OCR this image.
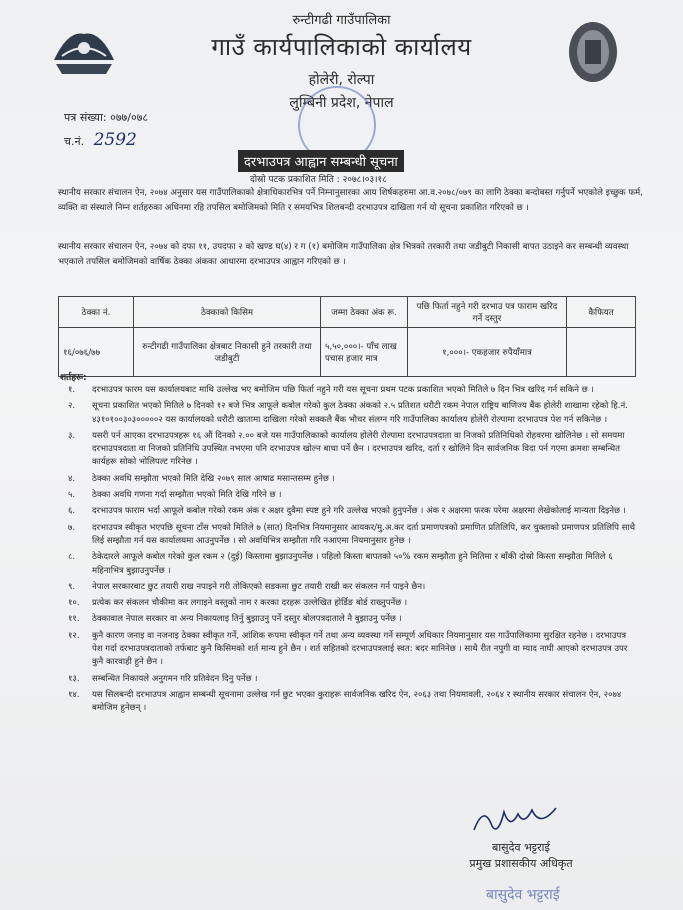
रुन्टीगढी गाउँपालिका
गाउँ कार्यपालिकाको कार्यालय
होलेरी, रोल्पा
लुम्बिनी प्रदेश, नेपाल
पत्र संख्या: ०७७/०७८
च.नं. 2592
दरभाउपत्र आह्वान सम्बन्धी सूचना
दोस्रो पटक प्रकाशित मिति : २०७८।०३।१८
स्थानीय सरकार संचालन ऐन, २०७४ अनुसार यस गाउँपालिकाको क्षेत्राधिकारभित्र पर्ने निम्नानुसारका आय शिर्षकहरुमा आ.व.२०७८/०७९ का लागि ठेक्का बन्दोबस्त गर्नुपर्ने भएकोले इच्छुक फर्म, व्यक्ति वा संस्थाले निम्न शर्तहरुका अधिनमा रहि तपसिल बमोजिमको मिति र समयभित्र शिलबन्दी दरभाउपत्र दाखिला गर्न यो सूचना प्रकाशित गरिएको छ ।
स्थानीय सरकार संचालन ऐन, २०७४ को दफा ११, उपदफा २ को खण्ड घ(४) र ग (१) बमोजिम गाउँपालिका क्षेत्र भित्रको तरकारी तथा जडीबुटी निकासी बापत उठाइने कर सम्बन्धी व्यवस्था भएकाले तपसिल बमोजिमको वार्षिक ठेक्का अंकका आधारमा दरभाउपत्र आह्वान गरिएको छ ।
ठेक्का नं.	ठेक्काको किसिम	जम्मा ठेक्का अंक रू.	पछि फिर्ता नहुने गरी दरभाउ पत्र फाराम खरिद गर्ने दस्तुर	कैफियत
१६/०७६/७७	रुन्टीगढी गाउँपालिका क्षेत्रबाट निकासी हुने तरकारी तथा जडीबुटी	५,५०,०००।- पाँच लाख पचास हजार मात्र	१,०००।- एकहजार रुपैयाँमात्र	
शर्तहरू:
१.	दरभाउपत्र फारम यस कार्यालयबाट माथि उल्लेख भए बमोजिम पछि फिर्ता नहुने गरी यस सूचना प्रथम पटक प्रकाशित भएको मितिले ७ दिन भित्र खरिद गर्न सकिने छ ।
२.	सूचना प्रकाशित भएको मितिले ७ दिनको १२ बजे भित्र आफूले कबोल गरेको कुल ठेक्का अंकको २.५ प्रतिशत धरौटी रकम नेपाल राष्ट्रिय बाणिज्य बैंक होलेरी शाखामा रहेको हि.नं. ४३१०१००३०३०००००२ यस कार्यालयको धरौटी खातामा दाखिला गरेको सक्कलै बैंक भौचर संलग्न गरि गाउँपालिका कार्यालय होलेरी रोल्पामा दरभाउपत्र पेश गर्न सकिनेछ ।
३.	यसरी पर्न आएका दरभाउपत्रहरू १६ औं दिनको २.०० बजे यस गाउँपालिकाको कार्यालय होलेरी रोल्पामा दरभाउपत्रदाता वा निजको प्रतिनिधिको रोहवरमा खोलिनेछ । सो समयमा दरभाउपत्रदाता वा निजको प्रतिनिधि उपस्थित नभएमा पनि दरभाउपत्र खोल्न बाधा पर्ने छैन । दरभाउपत्र खरिद, दर्ता र खोलिने दिन सार्वजनिक विदा पर्न गएमा क्रमशः सम्बन्धित कार्यहरू सोको भोलिपल्ट गरिनेछ ।
४.	ठेक्का अवधि सम्झौता भएको मिति देखि २०७९ साल आषाढ मसान्तसम्म हुनेछ ।
५.	ठेक्का अवधि गणना गर्दा सम्झौता भएको मिति देखि गरिने छ ।
६.	दरभाउपत्र फाराम भर्दा आफूले कबोल गरेको रकम अंक र अक्षर दुवैमा स्पष्ट हुने गरि उल्लेख भएको हुनुपर्नेछ । अंक र अक्षरमा फरक परेमा अक्षरमा लेखेकोलाई मान्यता दिइनेछ ।
७.	दरभाउपत्र स्वीकृत भएपछि सूचना टाँस भएको मितिले ७ (सात) दिनभित्र नियमानुसार आयकर/मु.अ.कर दर्ता प्रमाणपत्रको प्रमाणित प्रतिलिपि, कर चुक्ताको प्रमाणपत्र प्रतिलिपि साथै लिई सम्झौता गर्न यस कार्यालयमा आउनुपर्नेछ । सो अवधिभित्र सम्झौता गरि नआएमा नियमानुसार हुनेछ ।
८.	ठेकेदारले आफूले कबोल गरेको कुल रकम २ (दुई) किस्तामा बुझाउनुपर्नेछ । पहिलो किस्ता बापतको ५०% रकम सम्झौता हुने मितिमा र बाँकी दोस्रो किस्ता सम्झौता मितिले ६ महिनाभित्र बुझाउनुपर्नेछ ।
९.	नेपाल सरकारबाट छुट तयारी राख नपाइने गरी तोकिएको सडकमा छुट तयारी राखी कर संकलन गर्न पाइने छैन।
१०.	प्रत्येक कर संकलन चौकीमा कर लगाइने वस्तुको नाम र करका दरहरू उल्लेखित होर्डिङ बोर्ड राख्नुपर्नेछ ।
११.	ठेक्कावाल नेपाल सरकार वा अन्य निकायलाइ तिर्नु बुझाउनु पर्ने दस्तुर बोलपत्रदाताले नै बुझाउनु पर्नेछ ।
१२.	कुनै कारण जनाइ वा नजनाइ ठेक्का स्वीकृत गर्ने, आंशिक रूपमा स्वीकृत गर्ने तथा अन्य व्यवस्था गर्ने सम्पूर्ण अधिकार नियमानुसार यस गाउँपालिकामा सुरक्षित रहनेछ । दरभाउपत्र पेश गर्दा दरभाउपत्रदाताको तर्फबाट कुनै किसिमको शर्त मान्य हुने छैन । शर्त सहितको दरभाउपत्रलाई स्वत: बदर मानिनेछ । साथै रीत नपुगी वा म्याद नाघी आएको दरभाउपत्र उपर कुनै कारवाही हुने छैन ।
१३.	सम्बन्धित निकायले अनुगमन गरि प्रतिवेदन दिनु पर्नेछ ।
१४.	यस सिलबन्दी दरभाउपत्र आह्वान सम्बन्धी सूचनामा उल्लेख गर्न छुट भएका कुराहरू सार्वजनिक खरिद ऐन, २०६३ तथा नियमावली, २०६४ र स्थानीय सरकार संचालन ऐन, २०७४ बमोजिम हुनेछन् ।
बासुदेव भट्टराई
प्रमुख प्रशासकीय अधिकृत
बासुदेव भट्टराई
